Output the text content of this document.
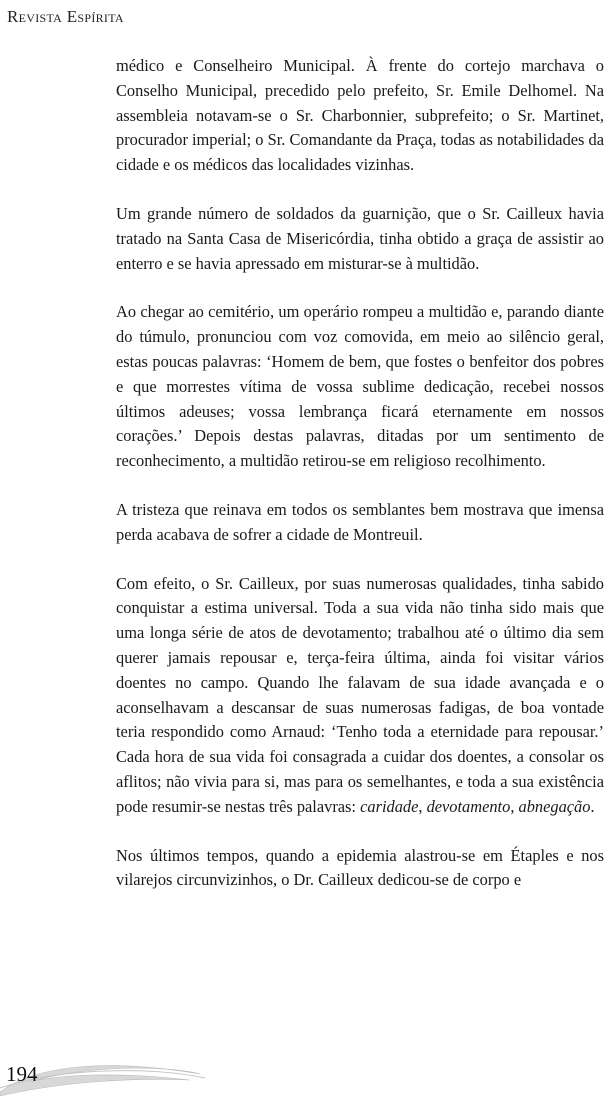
Revista Espírita

médico e Conselheiro Municipal. À frente do cortejo marchava o Conselho Municipal, precedido pelo prefeito, Sr. Emile Delhomel. Na assembleia notavam-se o Sr. Charbonnier, subprefeito; o Sr. Martinet, procurador imperial; o Sr. Comandante da Praça, todas as notabilidades da cidade e os médicos das localidades vizinhas.

Um grande número de soldados da guarnição, que o Sr. Cailleux havia tratado na Santa Casa de Misericórdia, tinha obtido a graça de assistir ao enterro e se havia apressado em misturar-se à multidão.

Ao chegar ao cemitério, um operário rompeu a multidão e, parando diante do túmulo, pronunciou com voz comovida, em meio ao silêncio geral, estas poucas palavras: ‘Homem de bem, que fostes o benfeitor dos pobres e que morrestes vítima de vossa sublime dedicação, recebei nossos últimos adeuses; vossa lembrança ficará eternamente em nossos corações.’ Depois destas palavras, ditadas por um sentimento de reconhecimento, a multidão retirou-se em religioso recolhimento.

A tristeza que reinava em todos os semblantes bem mostrava que imensa perda acabava de sofrer a cidade de Montreuil.

Com efeito, o Sr. Cailleux, por suas numerosas qualidades, tinha sabido conquistar a estima universal. Toda a sua vida não tinha sido mais que uma longa série de atos de devotamento; trabalhou até o último dia sem querer jamais repousar e, terça-feira última, ainda foi visitar vários doentes no campo. Quando lhe falavam de sua idade avançada e o aconselhavam a descansar de suas numerosas fadigas, de boa vontade teria respondido como Arnaud: ‘Tenho toda a eternidade para repousar.’ Cada hora de sua vida foi consagrada a cuidar dos doentes, a consolar os aflitos; não vivia para si, mas para os semelhantes, e toda a sua existência pode resumir-se nestas três palavras: caridade, devotamento, abnegação.

Nos últimos tempos, quando a epidemia alastrou-se em Étaples e nos vilarejos circunvizinhos, o Dr. Cailleux dedicou-se de corpo e

194
